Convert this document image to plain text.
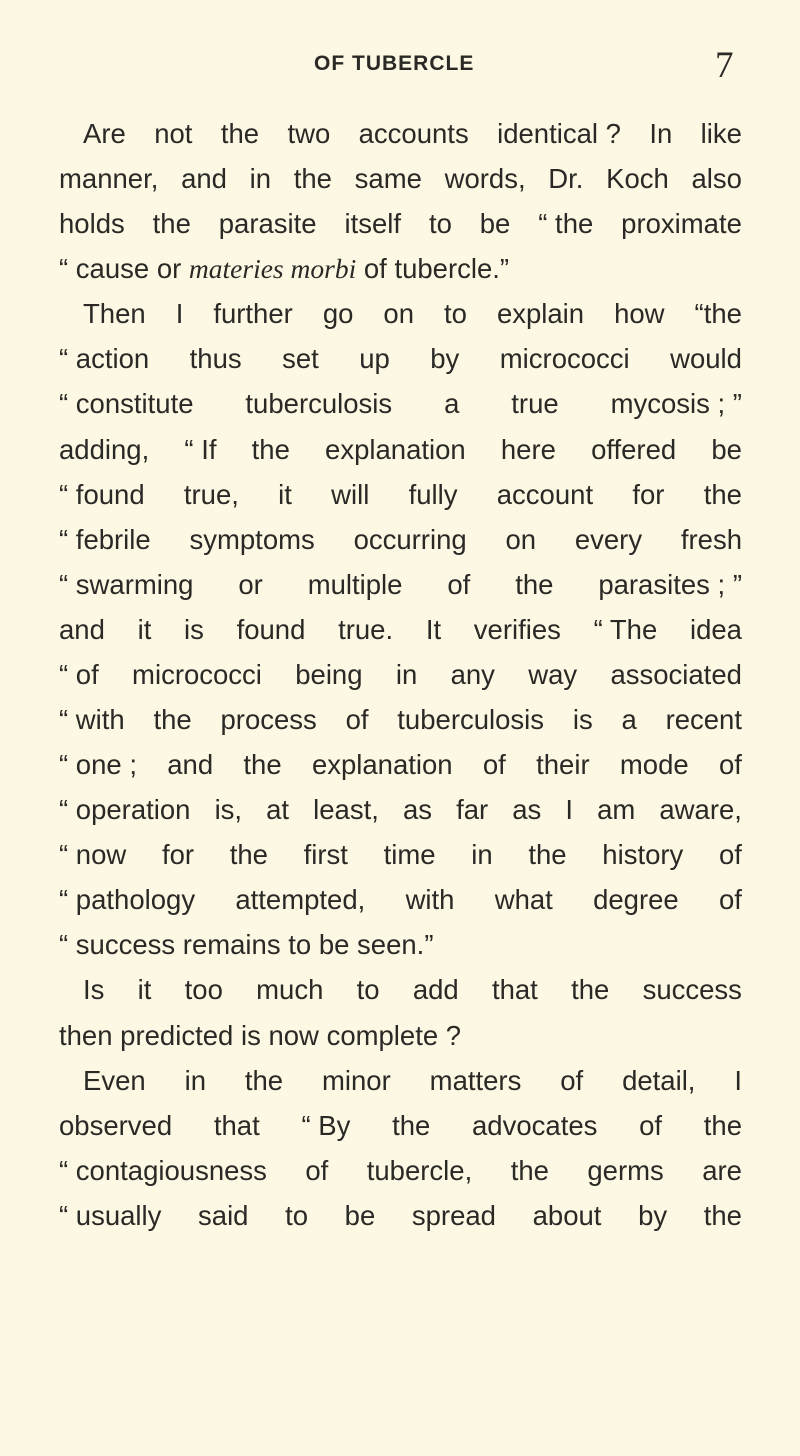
OF TUBERCLE	7
Are not the two accounts identical ? In like
manner, and in the same words, Dr. Koch also
holds the parasite itself to be “ the proximate
“ cause or materies morbi of tubercle.”
Then I further go on to explain how “the
“ action thus set up by micrococci would
“ constitute tuberculosis a true mycosis ; ”
adding, “ If the explanation here offered be
“ found true, it will fully account for the
“ febrile symptoms occurring on every fresh
“ swarming or multiple of the parasites ; ”
and it is found true. It verifies “ The idea
“ of micrococci being in any way associated
“ with the process of tuberculosis is a recent
“ one ; and the explanation of their mode of
“ operation is, at least, as far as I am aware,
“ now for the first time in the history of
“ pathology attempted, with what degree of
“ success remains to be seen.”
Is it too much to add that the success
then predicted is now complete ?
Even in the minor matters of detail, I
observed that “ By the advocates of the
“ contagiousness of tubercle, the germs are
“ usually said to be spread about by the
